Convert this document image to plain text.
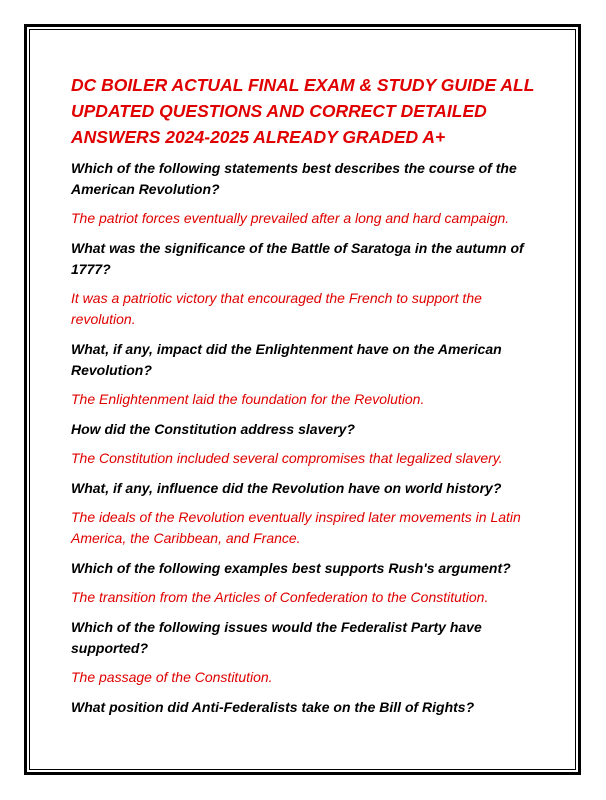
DC BOILER ACTUAL FINAL EXAM & STUDY GUIDE ALL UPDATED QUESTIONS AND CORRECT DETAILED ANSWERS 2024-2025 ALREADY GRADED A+

Which of the following statements best describes the course of the American Revolution?

The patriot forces eventually prevailed after a long and hard campaign.

What was the significance of the Battle of Saratoga in the autumn of 1777?

It was a patriotic victory that encouraged the French to support the revolution.

What, if any, impact did the Enlightenment have on the American Revolution?

The Enlightenment laid the foundation for the Revolution.

How did the Constitution address slavery?

The Constitution included several compromises that legalized slavery.

What, if any, influence did the Revolution have on world history?

The ideals of the Revolution eventually inspired later movements in Latin America, the Caribbean, and France.

Which of the following examples best supports Rush's argument?

The transition from the Articles of Confederation to the Constitution.

Which of the following issues would the Federalist Party have supported?

The passage of the Constitution.

What position did Anti-Federalists take on the Bill of Rights?
